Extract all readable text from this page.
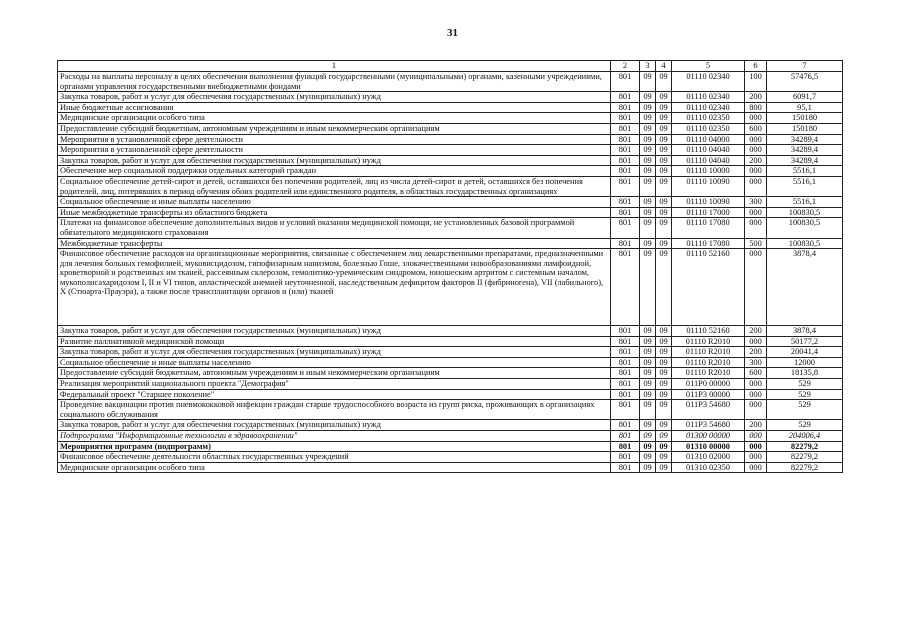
31
1	2	3	4	5	6	7
Расходы на выплаты персоналу в целях обеспечения выполнения функций государственными (муниципальными) органами, казенными учреждениями, органами управления государственными внебюджетными фондами	801	09	09	01110 02340	100	57476,5
Закупка товаров, работ и услуг для обеспечения государственных (муниципальных) нужд	801	09	09	01110 02340	200	6091,7
Иные бюджетные ассигнования	801	09	09	01110 02340	800	95,1
Медицинские организации особого типа	801	09	09	01110 02350	000	150180
Предоставление субсидий бюджетным, автономным учреждениям и иным некоммерческим организациям	801	09	09	01110 02350	600	150180
Мероприятия в установленной сфере деятельности	801	09	09	01110 04000	000	34289,4
Мероприятия в установленной сфере деятельности	801	09	09	01110 04040	000	34289,4
Закупка товаров, работ и услуг для обеспечения государственных (муниципальных) нужд	801	09	09	01110 04040	200	34289,4
Обеспечение мер социальной поддержки отдельных категорий граждан	801	09	09	01110 10000	000	5516,1
Социальное обеспечение детей-сирот и детей, оставшихся без попечения родителей, лиц из числа детей-сирот и детей, оставшихся без попечения родителей, лиц, потерявших в период обучения обоих родителей или единственного родителя, в областных государственных организациях	801	09	09	01110 10090	000	5516,1
Социальное обеспечение и иные выплаты населению	801	09	09	01110 10090	300	5516,1
Иные межбюджетные трансферты из областного бюджета	801	09	09	01110 17000	000	100830,5
Платежи на финансовое обеспечение дополнительных видов и условий оказания медицинской помощи, не установленных базовой программой обязательного медицинского страхования	801	09	09	01110 17080	000	100830,5
Межбюджетные трансферты	801	09	09	01110 17080	500	100830,5
Финансовое обеспечение расходов на организационные мероприятия, связанные с обеспечением лиц лекарственными препаратами, предназначенными для лечения больных гемофилией, муковисцидозом, гипофизарным нанизмом, болезнью Гоше, злокачественными новообразованиями лимфоидной, кроветворной и родственных им тканей, рассеянным склерозом, гемолитико-уремическим синдромом, юношеским артритом с системным началом, мукополисахаридозом I, II и VI типов, апластической анемией неуточненной, наследственным дефицитом факторов II (фибриногена), VII (лабильного), X (Стюарта-Прауэра), а также после трансплантации органов и (или) тканей	801	09	09	01110 52160	000	3878,4
Закупка товаров, работ и услуг для обеспечения государственных (муниципальных) нужд	801	09	09	01110 52160	200	3878,4
Развитие паллиативной медицинской помощи	801	09	09	01110 R2010	000	50177,2
Закупка товаров, работ и услуг для обеспечения государственных (муниципальных) нужд	801	09	09	01110 R2010	200	20041,4
Социальное обеспечение и иные выплаты населению	801	09	09	01110 R2010	300	12000
Предоставление субсидий бюджетным, автономным учреждениям и иным некоммерческим организациям	801	09	09	01110 R2010	600	18135,8
Реализация мероприятий национального проекта "Демография"	801	09	09	011P0 00000	000	529
Федеральный проект "Старшее поколение"	801	09	09	011P3 00000	000	529
Проведение вакцинации против пневмококковой инфекции граждан старше трудоспособного возраста из групп риска, проживающих в организациях социального обслуживания	801	09	09	011P3 54680	000	529
Закупка товаров, работ и услуг для обеспечения государственных (муниципальных) нужд	801	09	09	011P3 54680	200	529
Подпрограмма "Информационные технологии в здравоохранении"	801	09	09	01300 00000	000	204006,4
Мероприятия программ (подпрограмм)	801	09	09	01310 00000	000	82279,2
Финансовое обеспечение деятельности областных государственных учреждений	801	09	09	01310 02000	000	82279,2
Медицинские организации особого типа	801	09	09	01310 02350	000	82279,2
